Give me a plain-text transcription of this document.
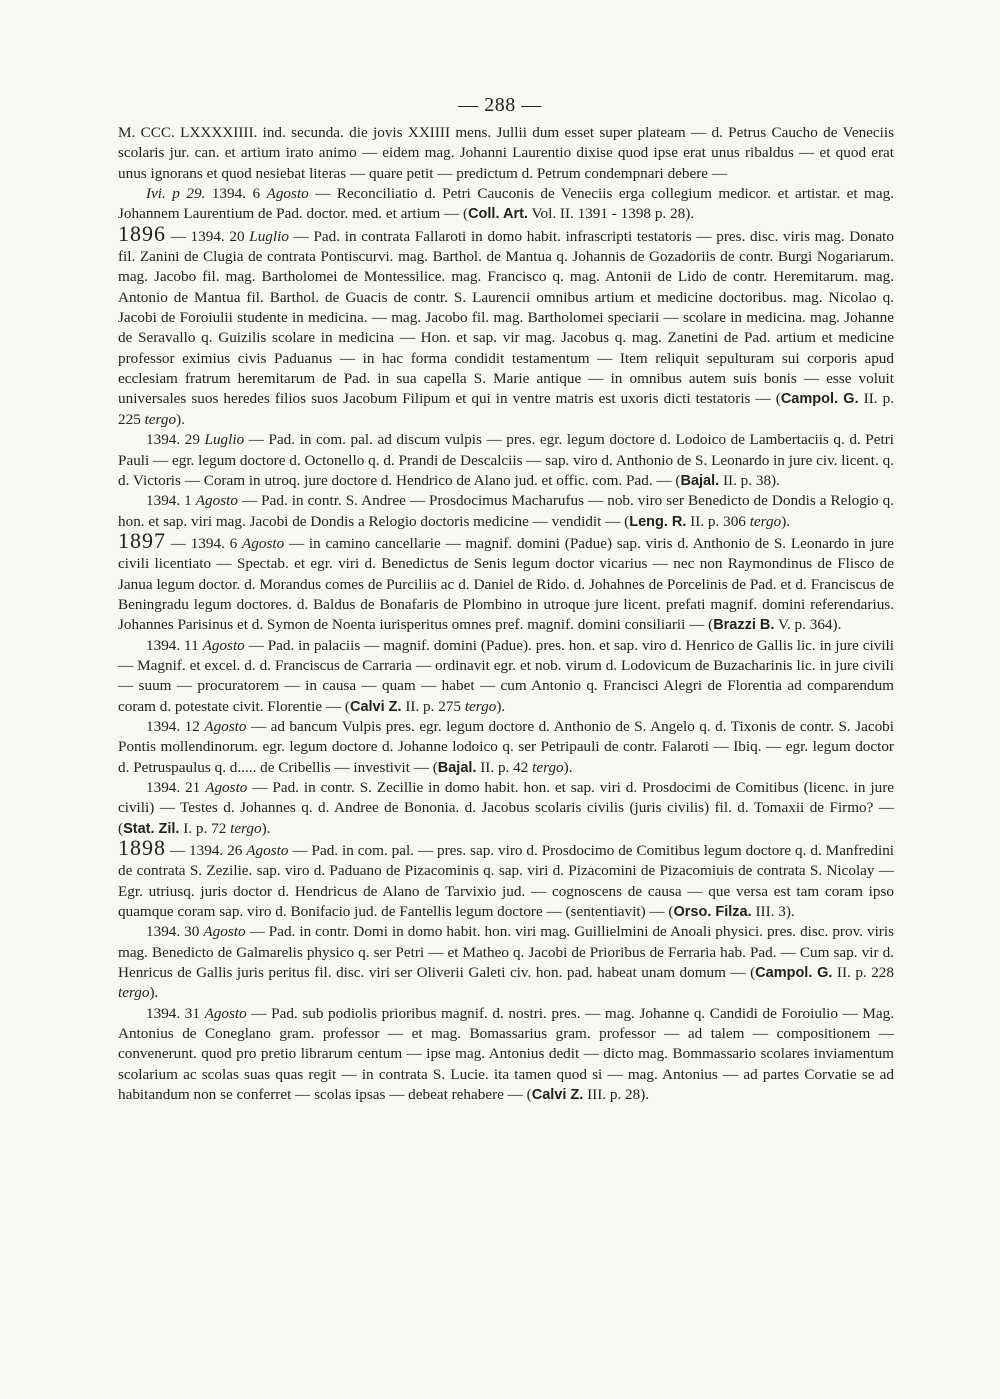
— 288 —

M. CCC. LXXXXIIII. ind. secunda. die jovis XXIIII mens. Jullii dum esset super plateam — d. Petrus Caucho de Veneciis scolaris jur. can. et artium irato animo — eidem mag. Johanni Laurentio dixise quod ipse erat unus ribaldus — et quod erat unus ignorans et quod nesiebat literas — quare petit — predictum d. Petrum condempnari debere —

Ivi. p 29. 1394. 6 Agosto — Reconciliatio d. Petri Cauconis de Veneciis erga collegium medicor. et artistar. et mag. Johannem Laurentium de Pad. doctor. med. et artium — (Coll. Art. Vol. II. 1391 - 1398 p. 28).

1896 — 1394. 20 Luglio — Pad. in contrata Fallaroti in domo habit. infrascripti testatoris — pres. disc. viris mag. Donato fil. Zanini de Clugia de contrata Pontiscurvi. mag. Barthol. de Mantua q. Johannis de Gozadoriis de contr. Burgi Nogariarum. mag. Jacobo fil. mag. Bartholomei de Montessilice. mag. Francisco q. mag. Antonii de Lido de contr. Heremitarum. mag. Antonio de Mantua fil. Barthol. de Guacis de contr. S. Laurencii omnibus artium et medicine doctoribus. mag. Nicolao q. Jacobi de Foroiulii studente in medicina. — mag. Jacobo fil. mag. Bartholomei speciarii — scolare in medicina. mag. Johanne de Seravallo q. Guizilis scolare in medicina — Hon. et sap. vir mag. Jacobus q. mag. Zanetini de Pad. artium et medicine professor eximius civis Paduanus — in hac forma condidit testamentum — Item reliquit sepulturam sui corporis apud ecclesiam fratrum heremitarum de Pad. in sua capella S. Marie antique — in omnibus autem suis bonis — esse voluit universales suos heredes filios suos Jacobum Filipum et qui in ventre matris est uxoris dicti testatoris — (Campol. G. II. p. 225 tergo).

1394. 29 Luglio — Pad. in com. pal. ad discum vulpis — pres. egr. legum doctore d. Lodoico de Lambertaciis q. d. Petri Pauli — egr. legum doctore d. Octonello q. d. Prandi de Descalciis — sap. viro d. Anthonio de S. Leonardo in jure civ. licent. q. d. Victoris — Coram in utroq. jure doctore d. Hendrico de Alano jud. et offic. com. Pad. — (Bajal. II. p. 38).

1394. 1 Agosto — Pad. in contr. S. Andree — Prosdocimus Macharufus — nob. viro ser Benedicto de Dondis a Relogio q. hon. et sap. viri mag. Jacobi de Dondis a Relogio doctoris medicine — vendidit — (Leng. R. II. p. 306 tergo).

1897 — 1394. 6 Agosto — in camino cancellarie — magnif. domini (Padue) sap. viris d. Anthonio de S. Leonardo in jure civili licentiato — Spectab. et egr. viri d. Benedictus de Senis legum doctor vicarius — nec non Raymondinus de Flisco de Janua legum doctor. d. Morandus comes de Purciliis ac d. Daniel de Rido. d. Johahnes de Porcelinis de Pad. et d. Franciscus de Beningradu legum doctores. d. Baldus de Bonafaris de Plombino in utroque jure licent. prefati magnif. domini referendarius. Johannes Parisinus et d. Symon de Noenta iurisperitus omnes pref. magnif. domini consiliarii — (Brazzi B. V. p. 364).

1394. 11 Agosto — Pad. in palaciis — magnif. domini (Padue). pres. hon. et sap. viro d. Henrico de Gallis lic. in jure civili — Magnif. et excel. d. d. Franciscus de Carraria — ordinavit egr. et nob. virum d. Lodovicum de Buzacharinis lic. in jure civili — suum — procuratorem — in causa — quam — habet — cum Antonio q. Francisci Alegri de Florentia ad comparendum coram d. potestate civit. Florentie — (Calvi Z. II. p. 275 tergo).

1394. 12 Agosto — ad bancum Vulpis pres. egr. legum doctore d. Anthonio de S. Angelo q. d. Tixonis de contr. S. Jacobi Pontis mollendinorum. egr. legum doctore d. Johanne lodoico q. ser Petripauli de contr. Falaroti — Ibiq. — egr. legum doctor d. Petruspaulus q. d..... de Cribellis — investivit — (Bajal. II. p. 42 tergo).

1394. 21 Agosto — Pad. in contr. S. Zecillie in domo habit. hon. et sap. viri d. Prosdocimi de Comitibus (licenc. in jure civili) — Testes d. Johannes q. d. Andree de Bononia. d. Jacobus scolaris civilis (juris civilis) fil. d. Tomaxii de Firmo? — (Stat. Zil. I. p. 72 tergo).

1898 — 1394. 26 Agosto — Pad. in com. pal. — pres. sap. viro d. Prosdocimo de Comitibus legum doctore q. d. Manfredini de contrata S. Zezilie. sap. viro d. Paduano de Pizacominis q. sap. viri d. Pizacomini de Pizacomiuis de contrata S. Nicolay — Egr. utriusq. juris doctor d. Hendricus de Alano de Tarvixio jud. — cognoscens de causa — que versa est tam coram ipso quamque coram sap. viro d. Bonifacio jud. de Fantellis legum doctore — (sententiavit) — (Orso. Filza. III. 3).

1394. 30 Agosto — Pad. in contr. Domi in domo habit. hon. viri mag. Guillielmini de Anoali physici. pres. disc. prov. viris mag. Benedicto de Galmarelis physico q. ser Petri — et Matheo q. Jacobi de Prioribus de Ferraria hab. Pad. — Cum sap. vir d. Henricus de Gallis juris peritus fil. disc. viri ser Oliverii Galeti civ. hon. pad. habeat unam domum — (Campol. G. II. p. 228 tergo).

1394. 31 Agosto — Pad. sub podiolis prioribus magnif. d. nostri. pres. — mag. Johanne q. Candidi de Foroiulio — Mag. Antonius de Coneglano gram. professor — et mag. Bomassarius gram. professor — ad talem — compositionem — convenerunt. quod pro pretio librarum centum — ipse mag. Antonius dedit — dicto mag. Bommassario scolares inviamentum scolarium ac scolas suas quas regit — in contrata S. Lucie. ita tamen quod si — mag. Antonius — ad partes Corvatie se ad habitandum non se conferret — scolas ipsas — debeat rehabere — (Calvi Z. III. p. 28).
